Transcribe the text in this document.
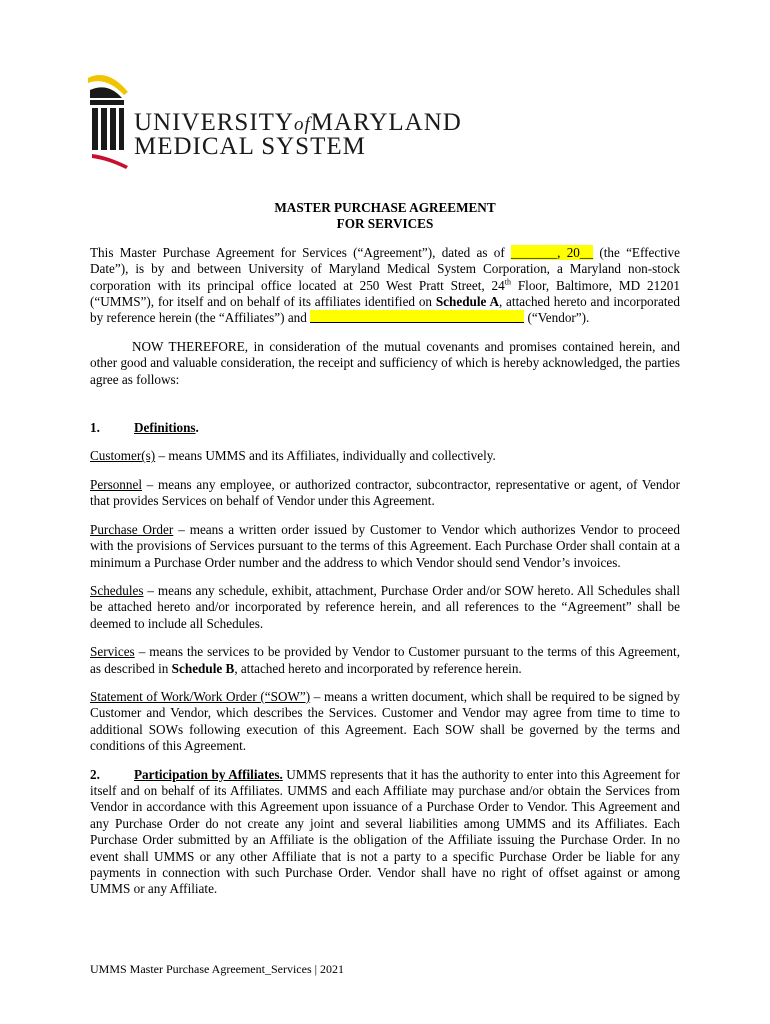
UNIVERSITYofMARYLAND
MEDICAL SYSTEM

MASTER PURCHASE AGREEMENT

FOR SERVICES

This Master Purchase Agreement for Services (“Agreement”), dated as of _______, 20__ (the “Effective Date”), is by and between University of Maryland Medical System Corporation, a Maryland non-stock corporation with its principal office located at 250 West Pratt Street, 24th Floor, Baltimore, MD 21201 (“UMMS”), for itself and on behalf of its affiliates identified on Schedule A, attached hereto and incorporated by reference herein (the “Affiliates”) and	(“Vendor”).

NOW THEREFORE, in consideration of the mutual covenants and promises contained herein, and other good and valuable consideration, the receipt and sufficiency of which is hereby acknowledged, the parties agree as follows:

1.	Definitions.

Customer(s) – means UMMS and its Affiliates, individually and collectively.

Personnel – means any employee, or authorized contractor, subcontractor, representative or agent, of Vendor that provides Services on behalf of Vendor under this Agreement.

Purchase Order – means a written order issued by Customer to Vendor which authorizes Vendor to proceed with the provisions of Services pursuant to the terms of this Agreement. Each Purchase Order shall contain at a minimum a Purchase Order number and the address to which Vendor should send Vendor’s invoices.

Schedules – means any schedule, exhibit, attachment, Purchase Order and/or SOW hereto. All Schedules shall be attached hereto and/or incorporated by reference herein, and all references to the “Agreement” shall be deemed to include all Schedules.

Services – means the services to be provided by Vendor to Customer pursuant to the terms of this Agreement, as described in Schedule B, attached hereto and incorporated by reference herein.

Statement of Work/Work Order (“SOW”) – means a written document, which shall be required to be signed by Customer and Vendor, which describes the Services. Customer and Vendor may agree from time to time to additional SOWs following execution of this Agreement. Each SOW shall be governed by the terms and conditions of this Agreement.

2.	Participation by Affiliates. UMMS represents that it has the authority to enter into this Agreement for itself and on behalf of its Affiliates. UMMS and each Affiliate may purchase and/or obtain the Services from Vendor in accordance with this Agreement upon issuance of a Purchase Order to Vendor. This Agreement and any Purchase Order do not create any joint and several liabilities among UMMS and its Affiliates. Each Purchase Order submitted by an Affiliate is the obligation of the Affiliate issuing the Purchase Order. In no event shall UMMS or any other Affiliate that is not a party to a specific Purchase Order be liable for any payments in connection with such Purchase Order. Vendor shall have no right of offset against or among UMMS or any Affiliate.

UMMS Master Purchase Agreement_Services | 2021
